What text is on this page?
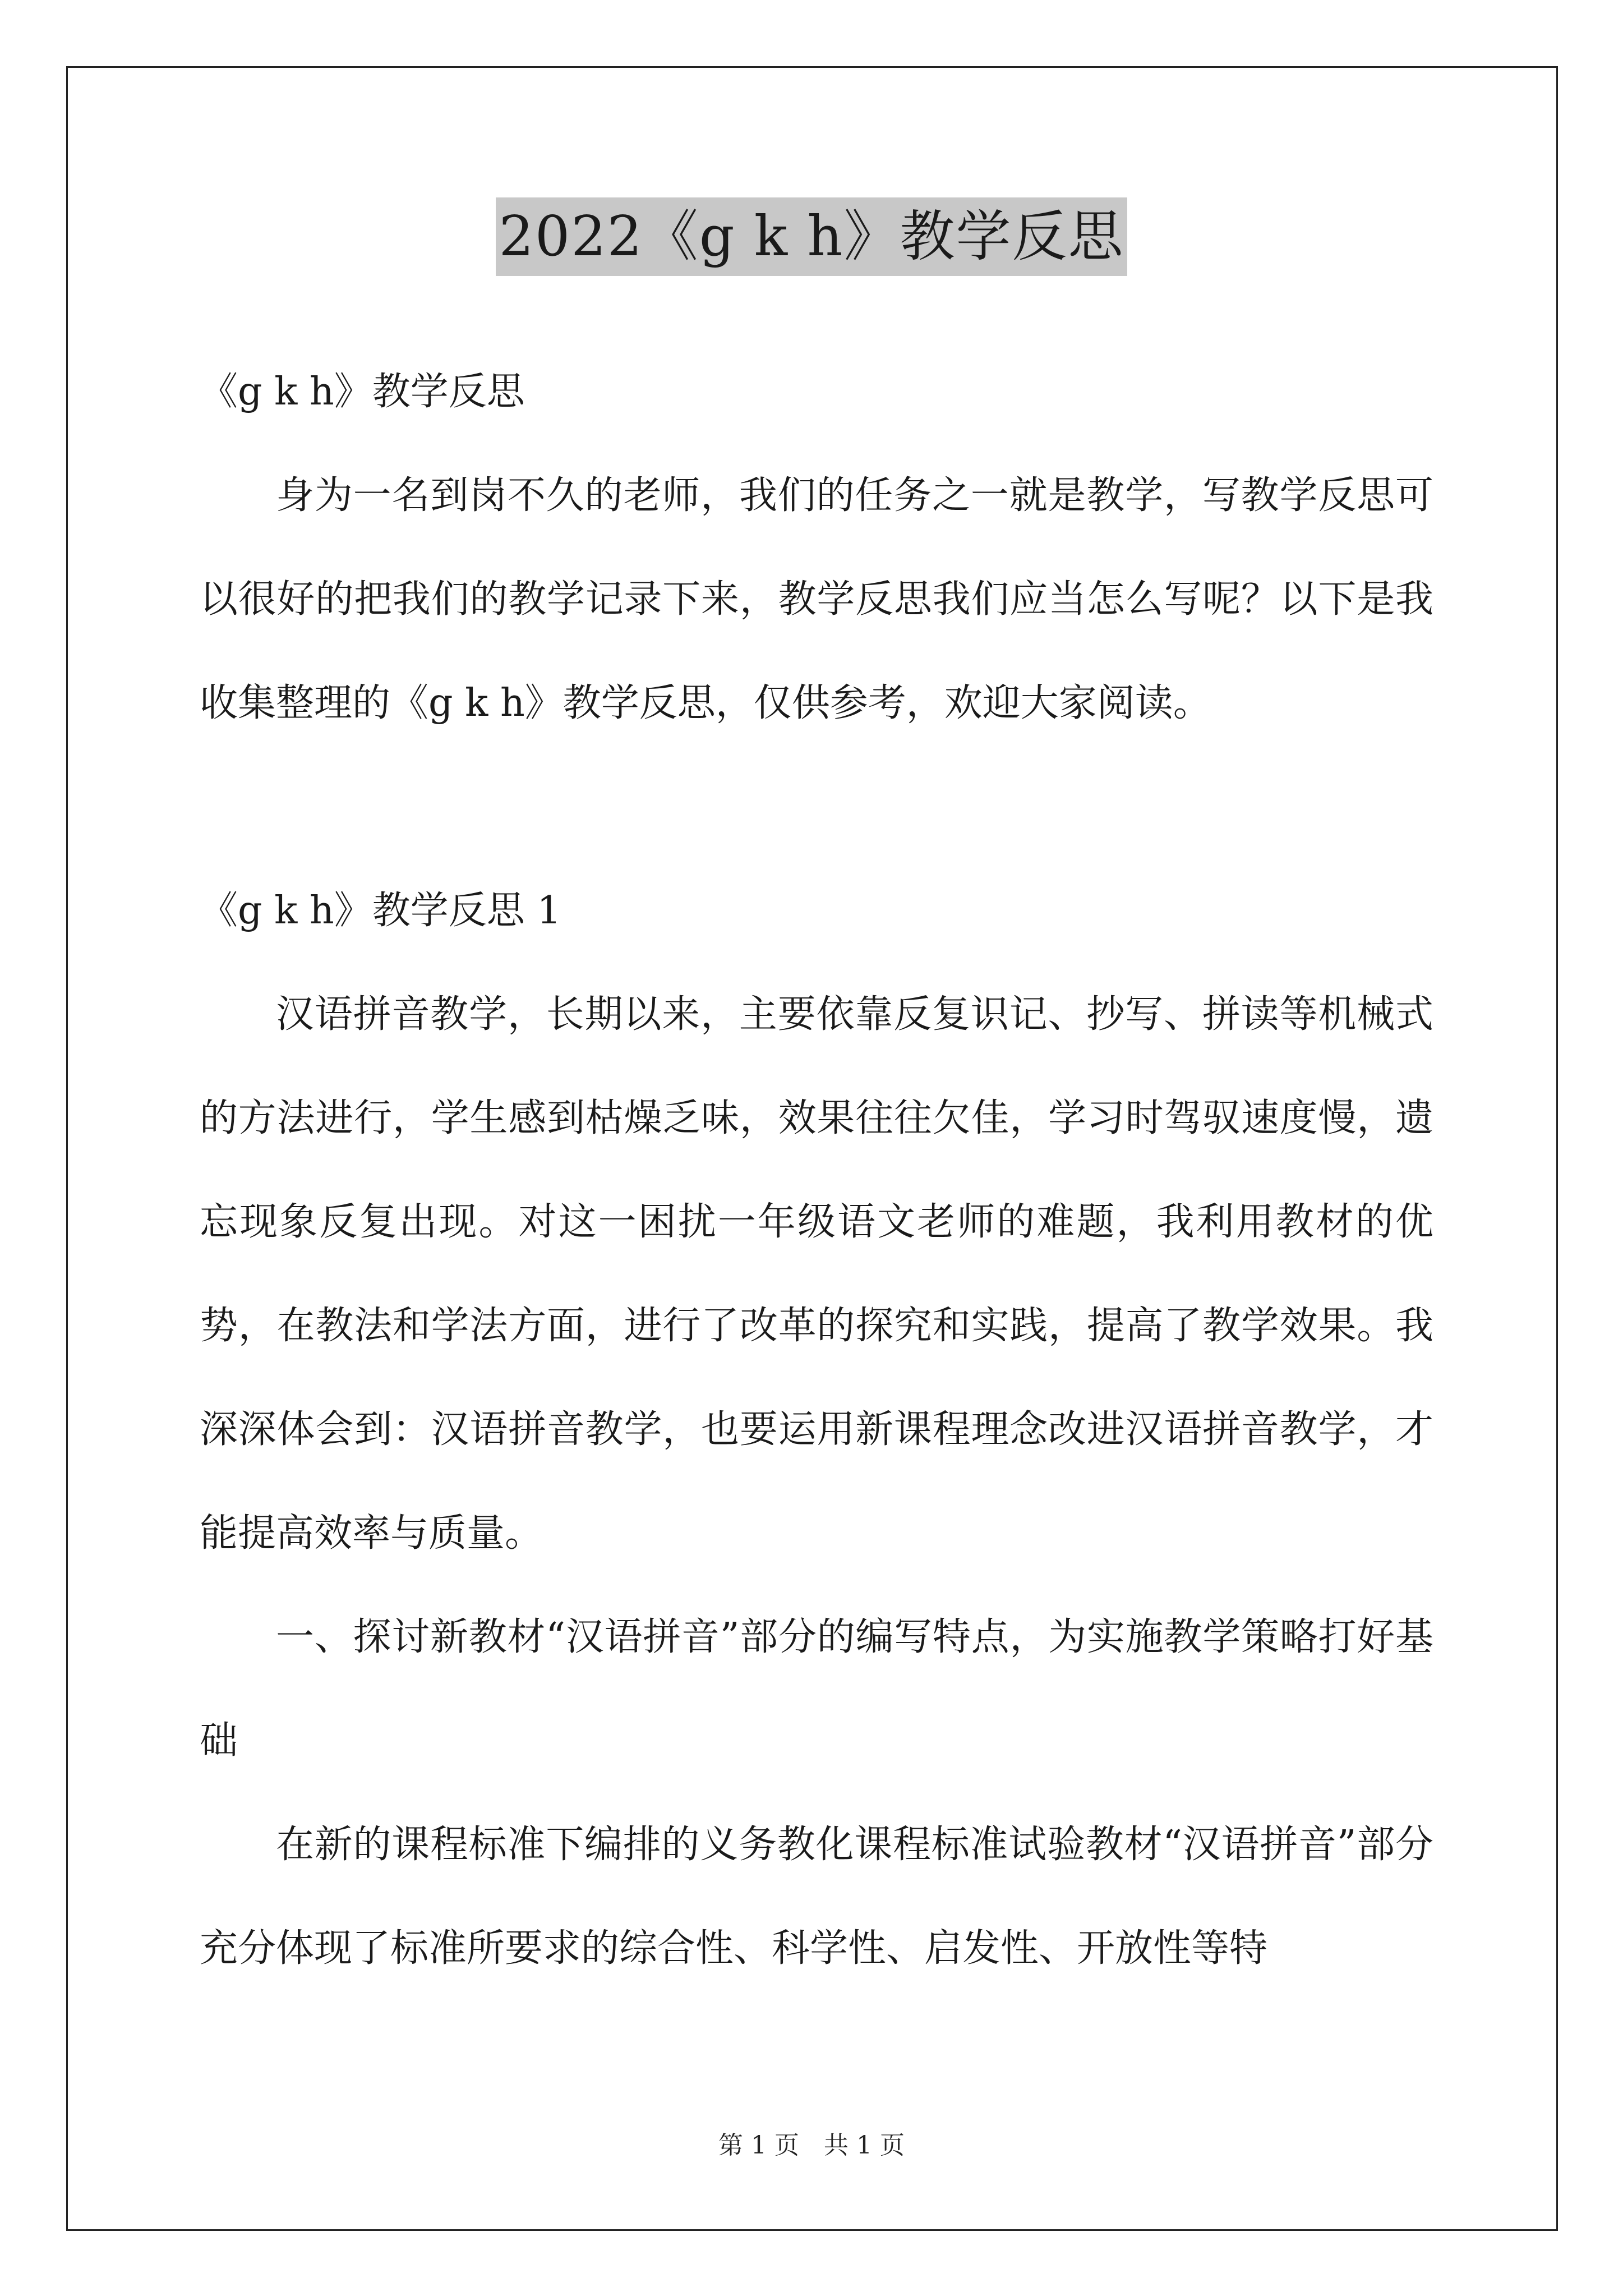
2022《g k h》教学反思

《g k h》教学反思

身为一名到岗不久的老师，我们的任务之一就是教学，写教学反思可以很好的把我们的教学记录下来，教学反思我们应当怎么写呢？以下是我收集整理的《g k h》教学反思，仅供参考，欢迎大家阅读。

《g k h》教学反思 1

汉语拼音教学，长期以来，主要依靠反复识记、抄写、拼读等机械式的方法进行，学生感到枯燥乏味，效果往往欠佳，学习时驾驭速度慢，遗忘现象反复出现。对这一困扰一年级语文老师的难题，我利用教材的优势，在教法和学法方面，进行了改革的探究和实践，提高了教学效果。我深深体会到：汉语拼音教学，也要运用新课程理念改进汉语拼音教学，才能提高效率与质量。

一、探讨新教材“汉语拼音”部分的编写特点，为实施教学策略打好基础

在新的课程标准下编排的义务教化课程标准试验教材“汉语拼音”部分充分体现了标准所要求的综合性、科学性、启发性、开放性等特

第 1 页　共 1 页
